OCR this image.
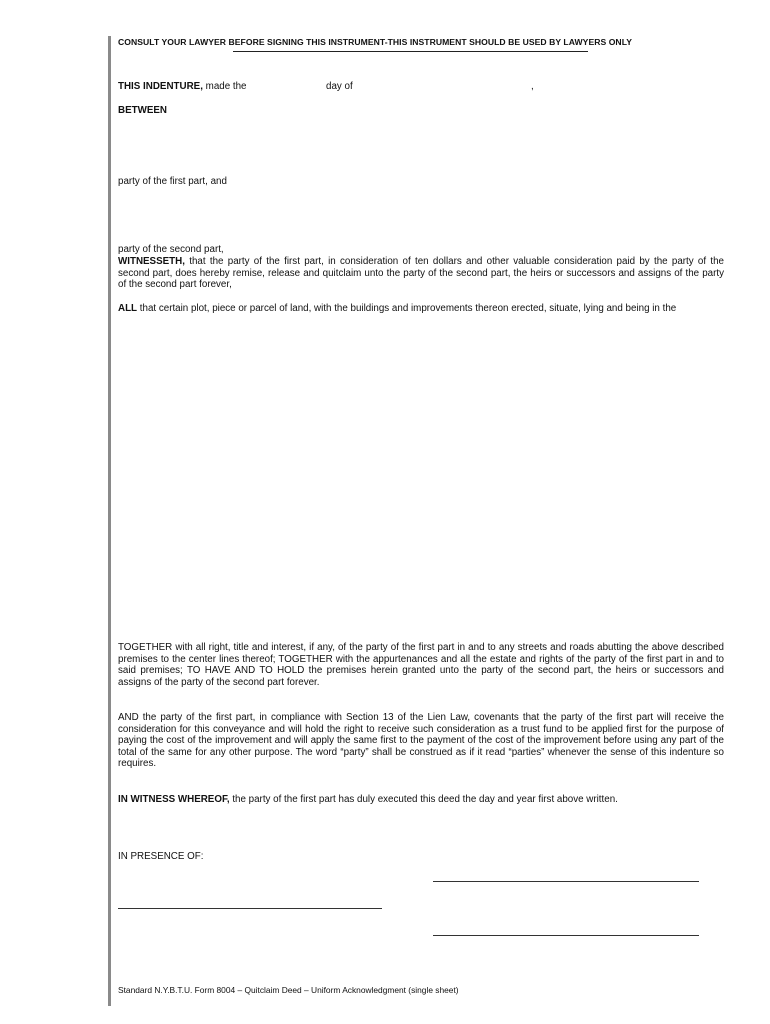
CONSULT YOUR LAWYER BEFORE SIGNING THIS INSTRUMENT-THIS INSTRUMENT SHOULD BE USED BY LAWYERS ONLY
THIS INDENTURE, made the	day of	,
BETWEEN
party of the first part, and
party of the second part,
WITNESSETH, that the party of the first part, in consideration of ten dollars and other valuable consideration paid by the party of the second part, does hereby remise, release and quitclaim unto the party of the second part, the heirs or successors and assigns of the party of the second part forever,
ALL that certain plot, piece or parcel of land, with the buildings and improvements thereon erected, situate, lying and being in the
TOGETHER with all right, title and interest, if any, of the party of the first part in and to any streets and roads abutting the above described premises to the center lines thereof; TOGETHER with the appurtenances and all the estate and rights of the party of the first part in and to said premises; TO HAVE AND TO HOLD the premises herein granted unto the party of the second part, the heirs or successors and assigns of the party of the second part forever.
AND the party of the first part, in compliance with Section 13 of the Lien Law, covenants that the party of the first part will receive the consideration for this conveyance and will hold the right to receive such consideration as a trust fund to be applied first for the purpose of paying the cost of the improvement and will apply the same first to the payment of the cost of the improvement before using any part of the total of the same for any other purpose. The word “party” shall be construed as if it read “parties” whenever the sense of this indenture so requires.
IN WITNESS WHEREOF, the party of the first part has duly executed this deed the day and year first above written.
IN PRESENCE OF:
Standard N.Y.B.T.U. Form 8004 – Quitclaim Deed – Uniform Acknowledgment (single sheet)
